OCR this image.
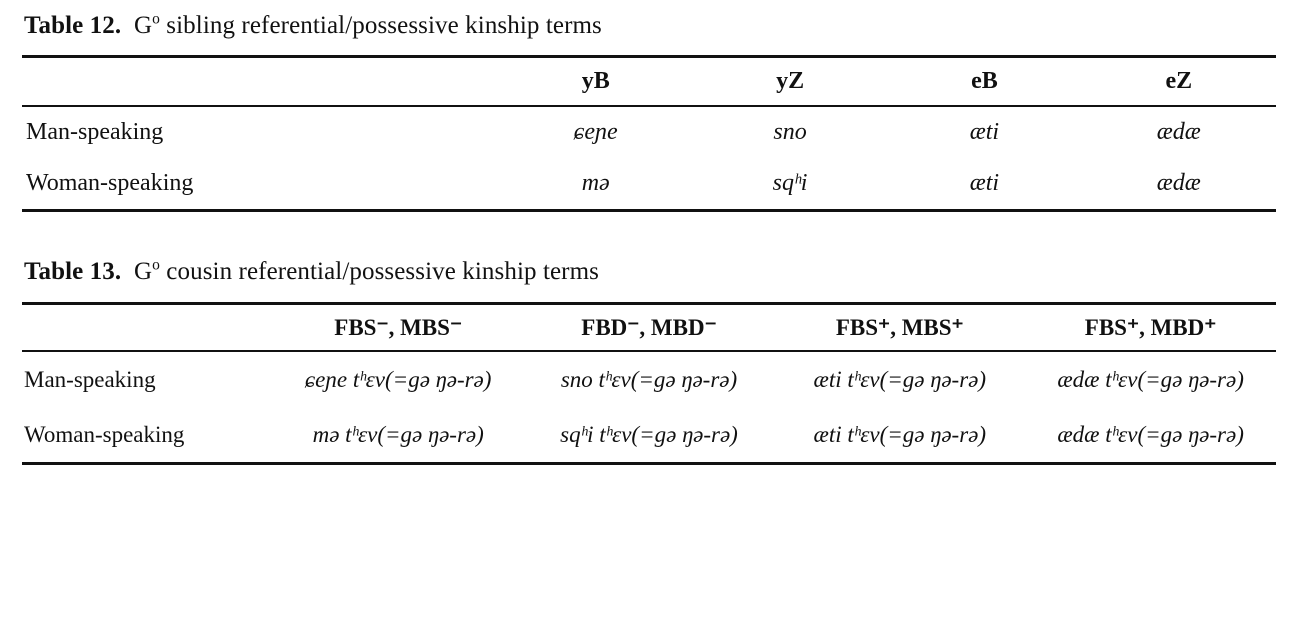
Table 12. $G^o$ sibling referential/possessive kinship terms
	yB	yZ	eB	eZ
Man-speaking	ɕeɲe	sno	æti	ædæ
Woman-speaking	mə	sqʰi	æti	ædæ
Table 13. $G^o$ cousin referential/possessive kinship terms
	FBS⁻, MBS⁻	FBD⁻, MBD⁻	FBS⁺, MBS⁺	FBS⁺, MBD⁺
Man-speaking	ɕeɲe tʰɛv(=gə ŋə-rə)	sno tʰɛv(=gə ŋə-rə)	æti tʰɛv(=gə ŋə-rə)	ædæ tʰɛv(=gə ŋə-rə)
Woman-speaking	mə tʰɛv(=gə ŋə-rə)	sqʰi tʰɛv(=gə ŋə-rə)	æti tʰɛv(=gə ŋə-rə)	ædæ tʰɛv(=gə ŋə-rə)
